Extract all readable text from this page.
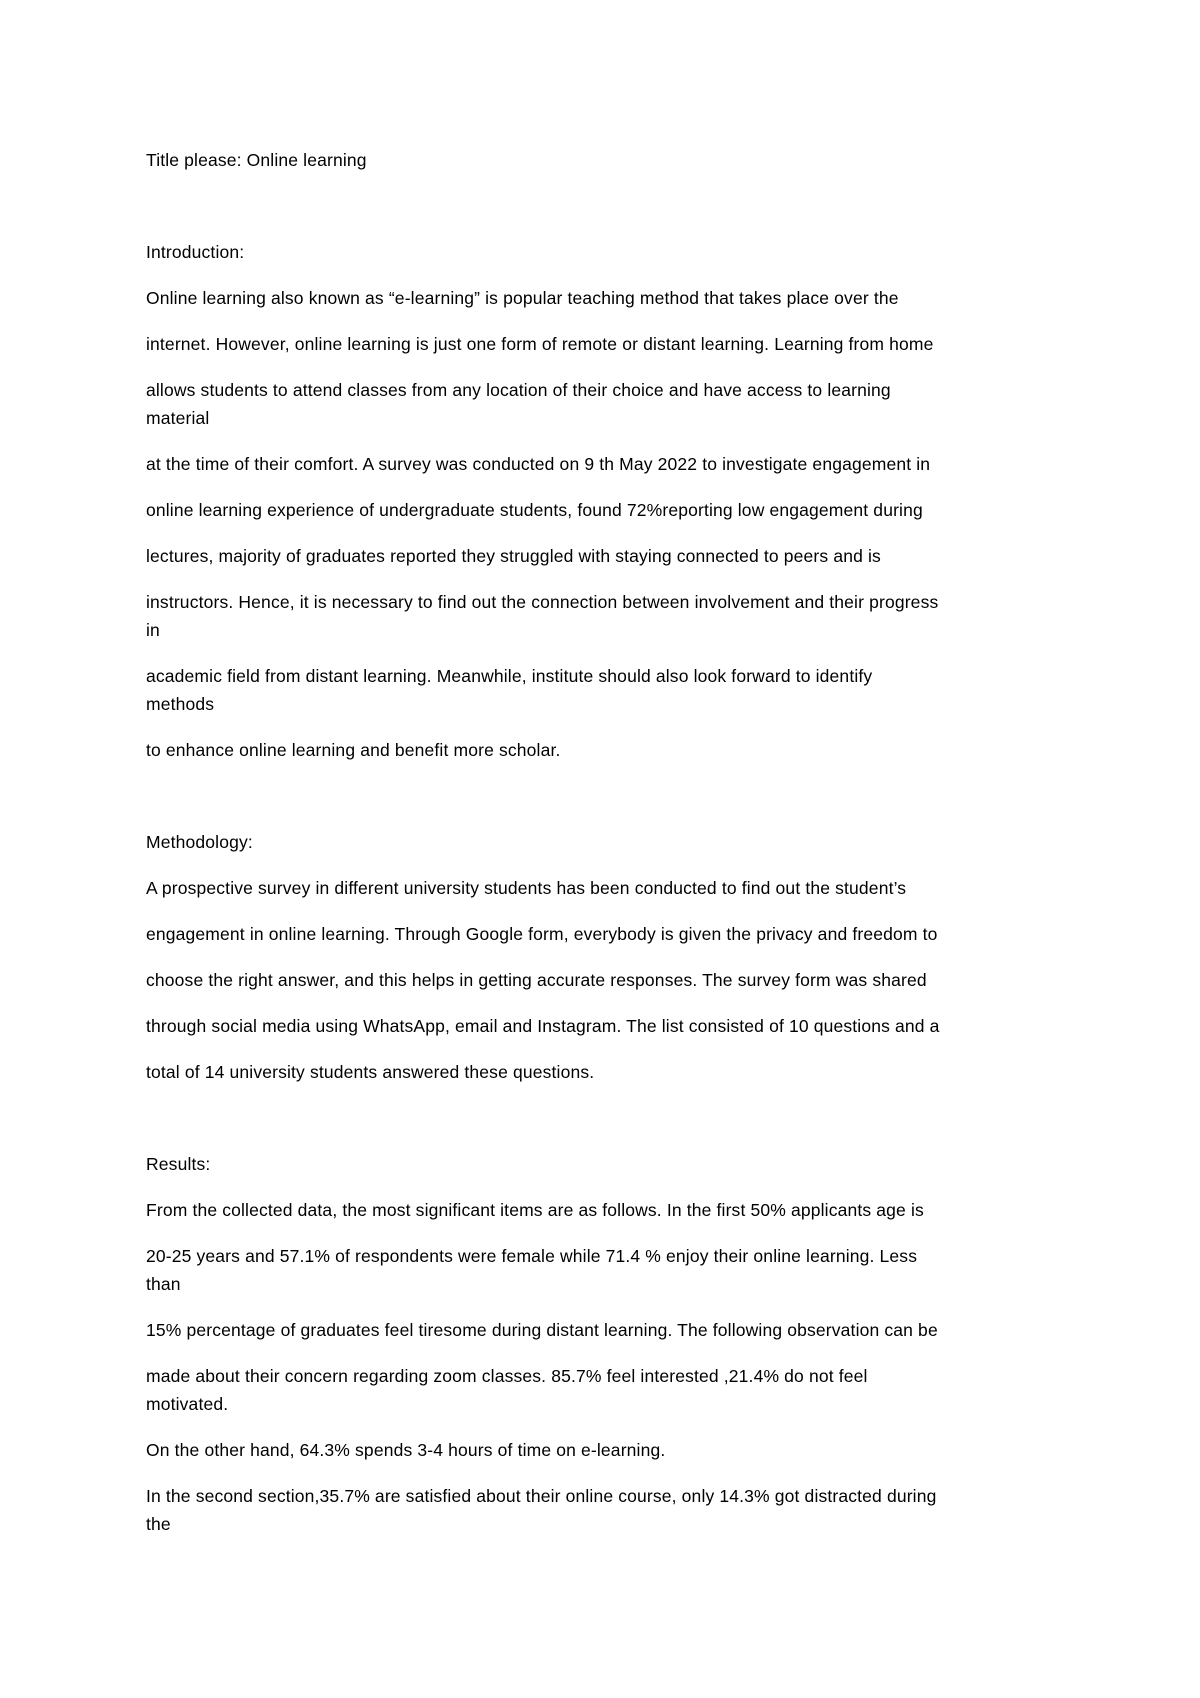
Title please: Online learning
Introduction:
Online learning also known as “e-learning” is popular teaching method that takes place over the
internet. However, online learning is just one form of remote or distant learning. Learning from home
allows students to attend classes from any location of their choice and have access to learning
material
at the time of their comfort. A survey was conducted on 9 th May 2022 to investigate engagement in
online learning experience of undergraduate students, found 72%reporting low engagement during
lectures, majority of graduates reported they struggled with staying connected to peers and is
instructors. Hence, it is necessary to find out the connection between involvement and their progress
in
academic field from distant learning. Meanwhile, institute should also look forward to identify
methods
to enhance online learning and benefit more scholar.
Methodology:
A prospective survey in different university students has been conducted to find out the student’s
engagement in online learning. Through Google form, everybody is given the privacy and freedom to
choose the right answer, and this helps in getting accurate responses. The survey form was shared
through social media using WhatsApp, email and Instagram. The list consisted of 10 questions and a
total of 14 university students answered these questions.
Results:
From the collected data, the most significant items are as follows. In the first 50% applicants age is
20-25 years and 57.1% of respondents were female while 71.4 % enjoy their online learning. Less
than
15% percentage of graduates feel tiresome during distant learning. The following observation can be
made about their concern regarding zoom classes. 85.7% feel interested ,21.4% do not feel
motivated.
On the other hand, 64.3% spends 3-4 hours of time on e-learning.
In the second section,35.7% are satisfied about their online course, only 14.3% got distracted during
the
